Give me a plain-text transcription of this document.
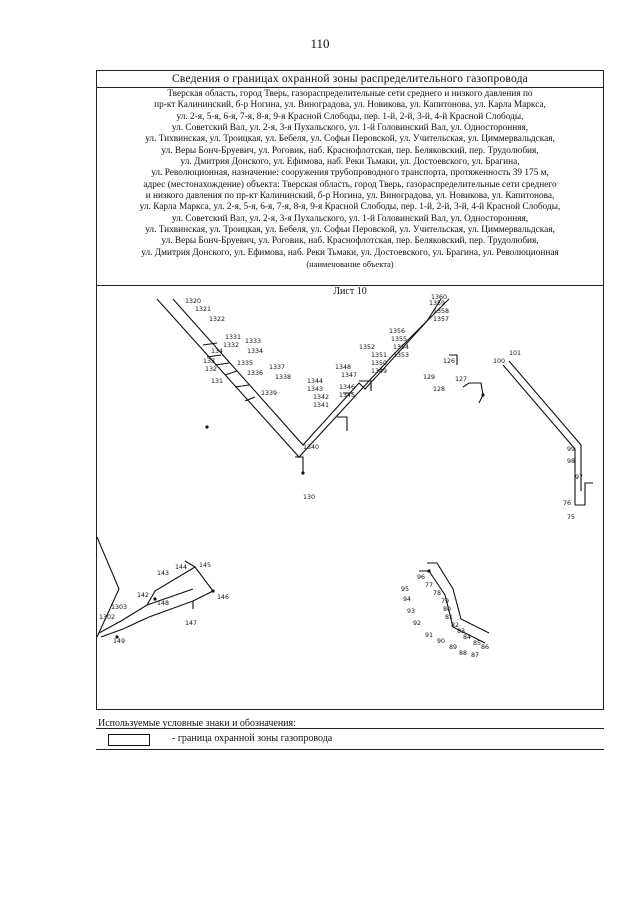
110
Сведения о границах охранной зоны распределительного газопровода
Тверская область, город Тверь, газораспределительные сети среднего и низкого давления по
пр-кт Калининский, б-р Ногина, ул. Виноградова, ул. Новикова, ул. Капитонова, ул. Карла Маркса,
ул. 2-я, 5-я, 6-я, 7-я, 8-я, 9-я Красной Слободы, пер. 1-й, 2-й, 3-й, 4-й Красной Слободы,
ул. Советский Вал, ул. 2-я, 3-я Пухальского, ул. 1-й Головинский Вал, ул. Односторонняя,
ул. Тихвинская, ул. Троицкая, ул. Бебеля, ул. Софьи Перовской, ул. Учительская, ул. Циммервальдская,
ул. Веры Бонч-Бруевич, ул. Роговик, наб. Краснофлотская, пер. Беляковский, пер. Трудолюбия,
ул. Дмитрия Донского, ул. Ефимова, наб. Реки Тьмаки, ул. Достоевского, ул. Брагина,
ул. Революционная, назначение: сооружения трубопроводного транспорта, протяженность 39 175 м,
адрес (местонахождение) объекта: Тверская область, город Тверь, газораспределительные сети среднего
и низкого давления по пр-кт Калининский, б-р Ногина, ул. Виноградова, ул. Новикова, ул. Капитонова,
ул. Карла Маркса, ул. 2-я, 5-я, 6-я, 7-я, 8-я, 9-я Красной Слободы, пер. 1-й, 2-й, 3-й, 4-й Красной Слободы,
ул. Советский Вал, ул. 2-я, 3-я Пухальского, ул. 1-й Головинский Вал, ул. Односторонняя,
ул. Тихвинская, ул. Троицкая, ул. Бебеля, ул. Софьи Перовской, ул. Учительская, ул. Циммервальдская,
ул. Веры Бонч-Бруевич, ул. Роговик, наб. Краснофлотская, пер. Беляковский, пер. Трудолюбия,
ул. Дмитрия Донского, ул. Ефимова, наб. Реки Тьмаки, ул. Достоевского, ул. Брагина, ул. Революционная
(наименование объекта)
Лист 10
1320
1321
1322
1331
1332
1333
1334
1335
1336
1337
1338
1339
1340
1341
1342
1343
1344
1345
1346
1347
1348
1349
1350
1351
1352
1353
1354
1355
1356
1357
1358
1359
1360
126
127
128
129
130
131
132
133
134
100
101
99
98
97
76
75
77
78
79
80
81
82
83
84
85
86
87
88
89
90
91
92
93
94
95
96
142
143
144 145
146
147
148
149
1302
1303
Используемые условные знаки и обозначения:
- граница охранной зоны газопровода
